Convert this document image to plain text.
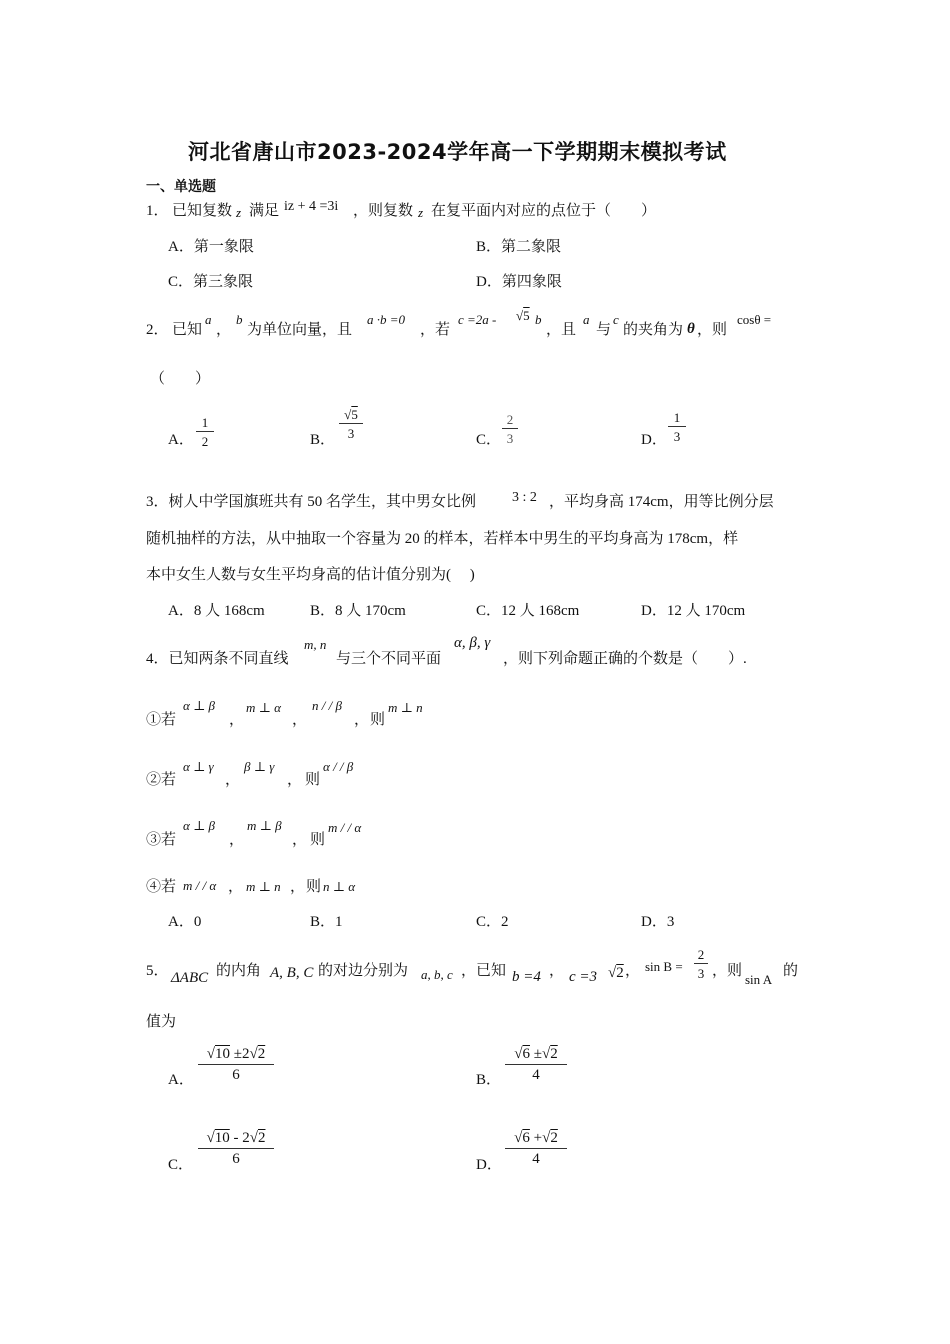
河北省唐山市2023-2024学年高一下学期期末模拟考试
一、单选题
1． 已知复数 z 满足 iz + 4 =3i ，则复数 z 在复平面内对应的点位于（　　）
A．第一象限	B．第二象限
C．第三象限	D．第四象限
2． 已知
a
，
b
为单位向量，且
a ·b =0
，若
c =2a - √5 b
，且
a
与
c
的夹角为 θ ，则
cosθ =
（　　）
A．
1
2	B．
√5
3	C．
2
3	D．
1
3
3．树人中学国旗班共有 50 名学生，其中男女比例	3 : 2 ，平均身高 174cm，用等比例分层
随机抽样的方法，从中抽取一个容量为 20 的样本，若样本中男生的平均身高为 178cm，样
本中女生人数与女生平均身高的估计值分别为(　 )
A．8 人 168cm	B．8 人 170cm	C．12 人 168cm	D．12 人 170cm
4．已知两条不同直线
m, n
与三个不同平面
α, β, γ
，则下列命题正确的个数是（　　）.
①若
α ⊥ β
，
m ⊥ α
，
n / / β
， 则
m ⊥ n
②若
α ⊥ γ
，
β ⊥ γ
， 则
α / / β
③若
α ⊥ β
，
m ⊥ β
， 则
m / / α
④若 m / / α ， m ⊥ n ， 则 n ⊥ α
A．0	B．1	C．2	D．3
5． ΔABC 的内角 A, B, C 的对边分别为 a, b, c ，已知 b =4 ， c =3 √2 ， sin B =
2
3 ，则
sin A
的
值为
A．
√10 ±2√2
6	B．
√6 ±√2
4
C．
√10 - 2√2
6	D．
√6 +√2
4
